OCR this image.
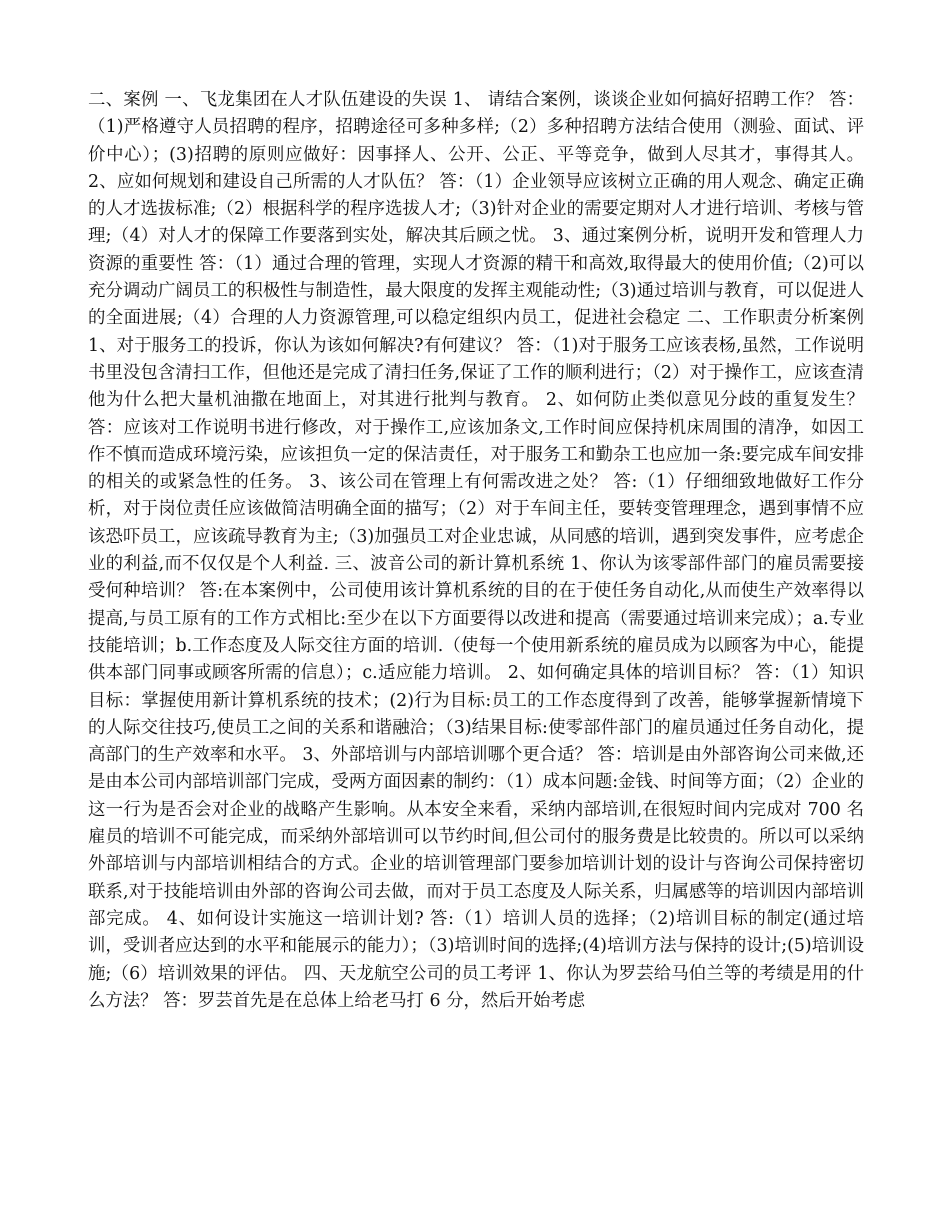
二、案例 一、飞龙集团在人才队伍建设的失误 1、 请结合案例，谈谈企业如何搞好招聘工作？ 答：（1)严格遵守人员招聘的程序，招聘途径可多种多样;（2）多种招聘方法结合使用（测验、面试、评价中心）；(3)招聘的原则应做好：因事择人、公开、公正、平等竞争，做到人尽其才，事得其人。 2、应如何规划和建设自己所需的人才队伍？ 答：（1）企业领导应该树立正确的用人观念、确定正确的人才选拔标准;（2）根据科学的程序选拔人才;（3)针对企业的需要定期对人才进行培训、考核与管理;（4）对人才的保障工作要落到实处，解决其后顾之忧。 3、通过案例分析，说明开发和管理人力资源的重要性 答：（1）通过合理的管理，实现人才资源的精干和高效,取得最大的使用价值;（2)可以充分调动广阔员工的积极性与制造性，最大限度的发挥主观能动性;（3)通过培训与教育，可以促进人的全面进展;（4）合理的人力资源管理,可以稳定组织内员工，促进社会稳定 二、工作职责分析案例 1、对于服务工的投诉，你认为该如何解决?有何建议？ 答：（1)对于服务工应该表杨,虽然，工作说明书里没包含清扫工作，但他还是完成了清扫任务,保证了工作的顺利进行；（2）对于操作工，应该查清他为什么把大量机油撒在地面上，对其进行批判与教育。 2、如何防止类似意见分歧的重复发生？ 答：应该对工作说明书进行修改，对于操作工,应该加条文,工作时间应保持机床周围的清净，如因工作不慎而造成环境污染，应该担负一定的保洁责任，对于服务工和勤杂工也应加一条:要完成车间安排的相关的或紧急性的任务。 3、该公司在管理上有何需改进之处？ 答:（1）仔细细致地做好工作分析，对于岗位责任应该做简洁明确全面的描写；（2）对于车间主任，要转变管理理念，遇到事情不应该恐吓员工，应该疏导教育为主;（3)加强员工对企业忠诚，从同感的培训，遇到突发事件，应考虑企业的利益,而不仅仅是个人利益. 三、波音公司的新计算机系统 1、你认为该零部件部门的雇员需要接受何种培训？ 答:在本案例中，公司使用该计算机系统的目的在于使任务自动化,从而使生产效率得以提高,与员工原有的工作方式相比:至少在以下方面要得以改进和提高（需要通过培训来完成）；a.专业技能培训；b.工作态度及人际交往方面的培训.（使每一个使用新系统的雇员成为以顾客为中心，能提供本部门同事或顾客所需的信息）；c.适应能力培训。 2、如何确定具体的培训目标？ 答：（1）知识目标：掌握使用新计算机系统的技术；(2)行为目标:员工的工作态度得到了改善，能够掌握新情境下的人际交往技巧,使员工之间的关系和谐融洽；（3)结果目标:使零部件部门的雇员通过任务自动化，提高部门的生产效率和水平。 3、外部培训与内部培训哪个更合适？ 答：培训是由外部咨询公司来做,还是由本公司内部培训部门完成，受两方面因素的制约：（1）成本问题:金钱、时间等方面；（2）企业的这一行为是否会对企业的战略产生影响。从本安全来看，采纳内部培训,在很短时间内完成对 700 名雇员的培训不可能完成，而采纳外部培训可以节约时间,但公司付的服务费是比较贵的。所以可以采纳外部培训与内部培训相结合的方式。企业的培训管理部门要参加培训计划的设计与咨询公司保持密切联系,对于技能培训由外部的咨询公司去做，而对于员工态度及人际关系，归属感等的培训因内部培训部完成。 4、如何设计实施这一培训计划? 答:（1）培训人员的选择；（2)培训目标的制定(通过培训，受训者应达到的水平和能展示的能力）；（3)培训时间的选择;(4)培训方法与保持的设计;(5)培训设施;（6）培训效果的评估。 四、天龙航空公司的员工考评 1、你认为罗芸给马伯兰等的考绩是用的什么方法？ 答：罗芸首先是在总体上给老马打 6 分，然后开始考虑
